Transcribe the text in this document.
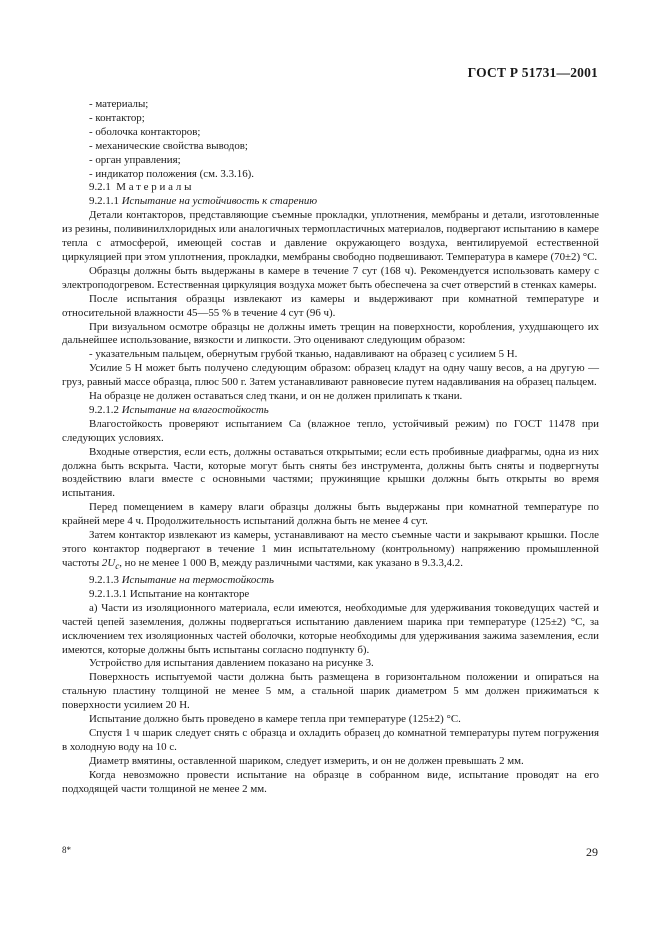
ГОСТ Р 51731—2001

- материалы;

- контактор;

- оболочка контакторов;

- механические свойства выводов;

- орган управления;

- индикатор положения (см. 3.3.16).

9.2.1 Материалы

9.2.1.1 Испытание на устойчивость к старению

Детали контакторов, представляющие съемные прокладки, уплотнения, мембраны и детали, изготовленные из резины, поливинилхлоридных или аналогичных термопластичных материалов, подвергают испытанию в камере тепла с атмосферой, имеющей состав и давление окружающего воздуха, вентилируемой естественной циркуляцией при этом уплотнения, прокладки, мембраны свободно подвешивают. Температура в камере (70±2) °С.

Образцы должны быть выдержаны в камере в течение 7 сут (168 ч). Рекомендуется использовать камеру с электроподогревом. Естественная циркуляция воздуха может быть обеспечена за счет отверстий в стенках камеры.

После испытания образцы извлекают из камеры и выдерживают при комнатной температуре и относительной влажности 45—55 % в течение 4 сут (96 ч).

При визуальном осмотре образцы не должны иметь трещин на поверхности, коробления, ухудшающего их дальнейшее использование, вязкости и липкости. Это оценивают следующим образом:

- указательным пальцем, обернутым грубой тканью, надавливают на образец с усилием 5 Н.

Усилие 5 Н может быть получено следующим образом: образец кладут на одну чашу весов, а на другую — груз, равный массе образца, плюс 500 г. Затем устанавливают равновесие путем надавливания на образец пальцем.

На образце не должен оставаться след ткани, и он не должен прилипать к ткани.

9.2.1.2 Испытание на влагостойкость

Влагостойкость проверяют испытанием Са (влажное тепло, устойчивый режим) по ГОСТ 11478 при следующих условиях.

Входные отверстия, если есть, должны оставаться открытыми; если есть пробивные диафрагмы, одна из них должна быть вскрыта. Части, которые могут быть сняты без инструмента, должны быть сняты и подвергнуты воздействию влаги вместе с основными частями; пружинящие крышки должны быть открыты во время испытания.

Перед помещением в камеру влаги образцы должны быть выдержаны при комнатной температуре по крайней мере 4 ч. Продолжительность испытаний должна быть не менее 4 сут.

Затем контактор извлекают из камеры, устанавливают на место съемные части и закрывают крышки. После этого контактор подвергают в течение 1 мин испытательному (контрольному) напряжению промышленной частоты $2U_c$, но не менее 1 000 В, между различными частями, как указано в 9.3.3,4.2.

9.2.1.3 Испытание на термостойкость

9.2.1.3.1 Испытание на контакторе

а) Части из изоляционного материала, если имеются, необходимые для удерживания токоведущих частей и частей цепей заземления, должны подвергаться испытанию давлением шарика при температуре (125±2) °С, за исключением тех изоляционных частей оболочки, которые необходимы для удерживания зажима заземления, если имеются, которые должны быть испытаны согласно подпункту б).

Устройство для испытания давлением показано на рисунке 3.

Поверхность испытуемой части должна быть размещена в горизонтальном положении и опираться на стальную пластину толщиной не менее 5 мм, а стальной шарик диаметром 5 мм должен прижиматься к поверхности усилием 20 Н.

Испытание должно быть проведено в камере тепла при температуре (125±2) °С.

Спустя 1 ч шарик следует снять с образца и охладить образец до комнатной температуры путем погружения в холодную воду на 10 с.

Диаметр вмятины, оставленной шариком, следует измерить, и он не должен превышать 2 мм.

Когда невозможно провести испытание на образце в собранном виде, испытание проводят на его подходящей части толщиной не менее 2 мм.

8*	29
